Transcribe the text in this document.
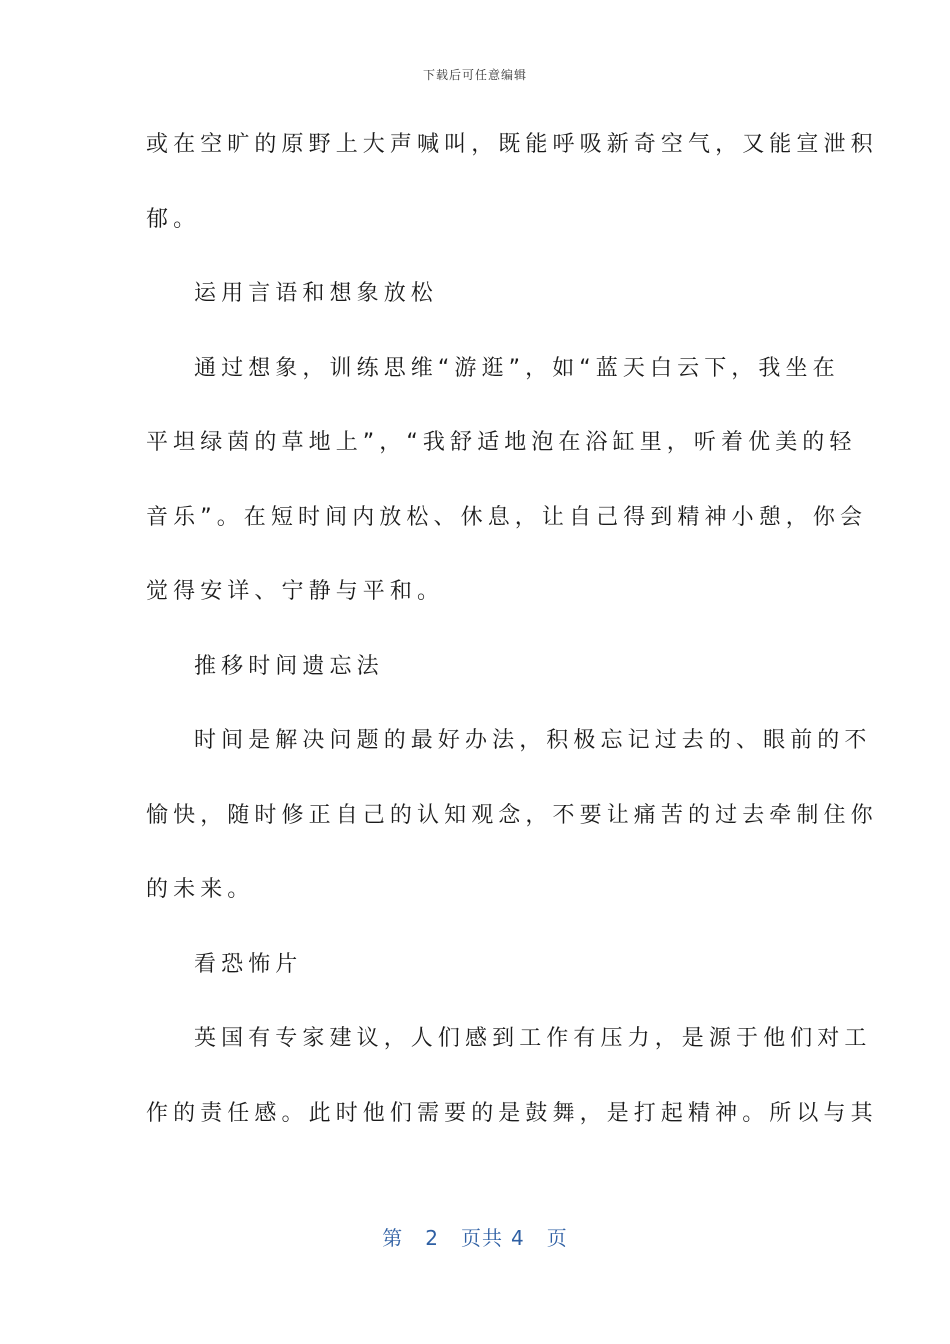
下载后可任意编辑
或在空旷的原野上大声喊叫，既能呼吸新奇空气，又能宣泄积
郁。
运用言语和想象放松
通过想象，训练思维“游逛”，如“蓝天白云下，我坐在
平坦绿茵的草地上”，“我舒适地泡在浴缸里，听着优美的轻
音乐”。在短时间内放松、休息，让自己得到精神小憩，你会
觉得安详、宁静与平和。
推移时间遗忘法
时间是解决问题的最好办法，积极忘记过去的、眼前的不
愉快，随时修正自己的认知观念，不要让痛苦的过去牵制住你
的未来。
看恐怖片
英国有专家建议，人们感到工作有压力，是源于他们对工
作的责任感。此时他们需要的是鼓舞，是打起精神。所以与其
第 2 页共 4 页
